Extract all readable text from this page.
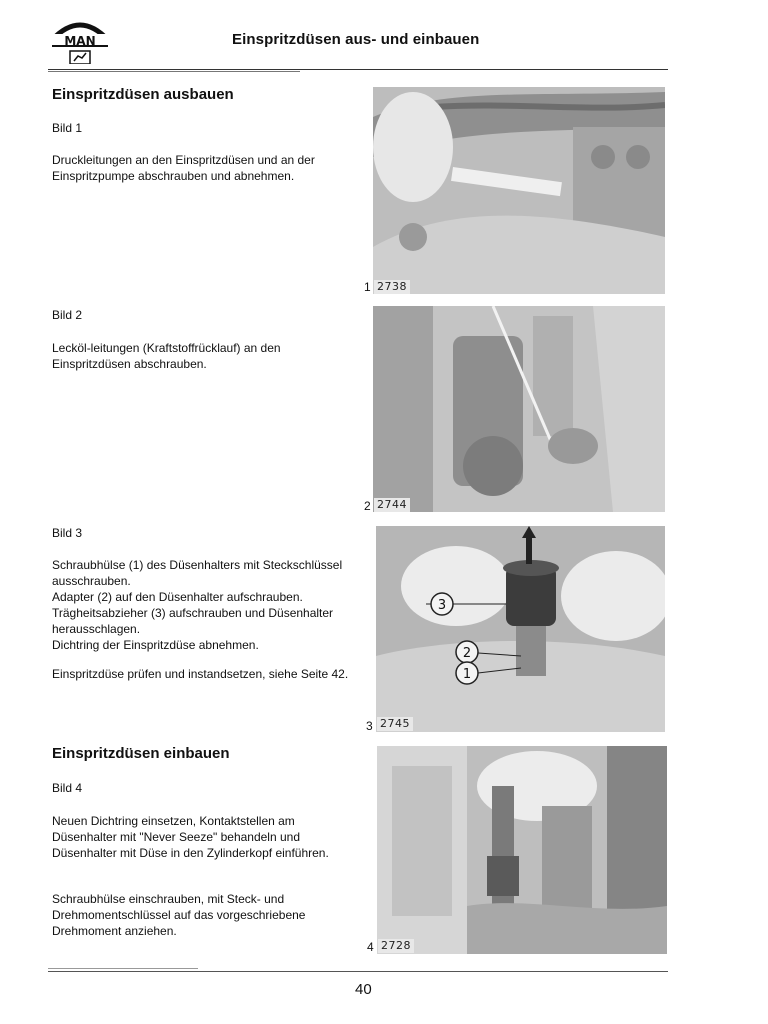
MAN	Einspritzdüsen aus- und einbauen
Einspritzdüsen ausbauen
Bild 1
Druckleitungen an den Einspritzdüsen und an der Einspritzpumpe abschrauben und abnehmen.
1 2738
Bild 2
Lecköl‑leitungen (Kraftstoffrücklauf) an den Einspritzdüsen abschrauben.
2 2744
Bild 3
Schraubhülse (1) des Düsenhalters mit Steckschlüssel ausschrauben.
Adapter (2) auf den Düsenhalter aufschrauben.
Trägheitsabzieher (3) aufschrauben und Düsenhalter herausschlagen.
Dichtring der Einspritzdüse abnehmen.
Einspritzdüse prüfen und instandsetzen, siehe Seite 42.
3
2
1
3 2745
Einspritzdüsen einbauen
Bild 4
Neuen Dichtring einsetzen, Kontaktstellen am Düsenhalter mit "Never Seeze" behandeln und Düsenhalter mit Düse in den Zylinderkopf einführen.
Schraubhülse einschrauben, mit Steck- und Drehmomentschlüssel auf das vorgeschriebene Drehmoment anziehen.
4 2728
40
